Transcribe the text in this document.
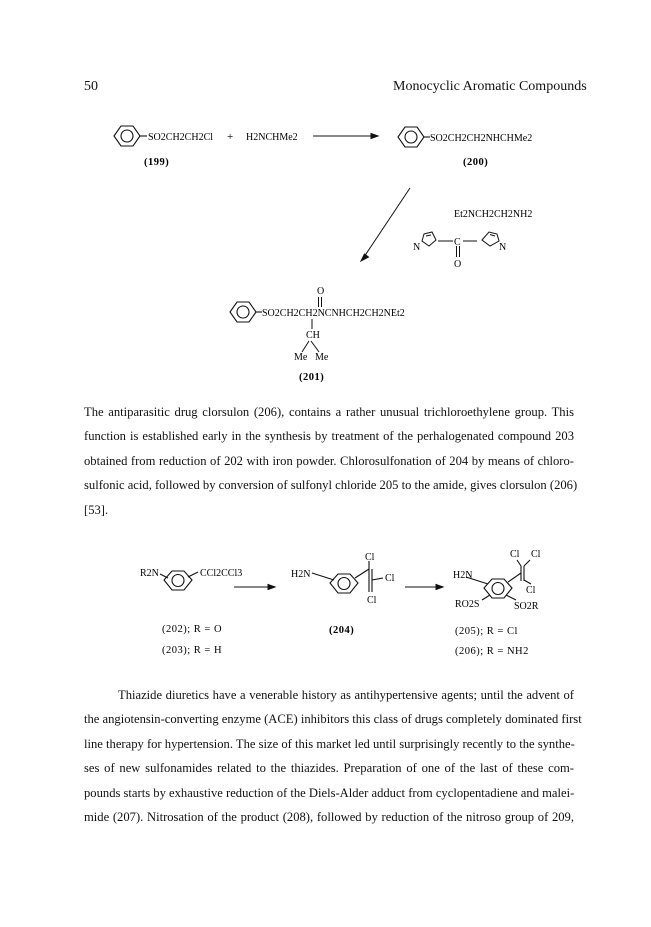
50	Monocyclic Aromatic Compounds
SO2CH2CH2Cl + H2NCHMe2
(199)
SO2CH2CH2NHCHMe2
(200)
Et2NCH2CH2NH2
N	C	N
O
O
SO2CH2CH2NCNHCH2CH2NEt2
CH
Me Me
(201)

The antiparasitic drug clorsulon (206), contains a rather unusual trichloroethylene group. This
function is established early in the synthesis by treatment of the perhalogenated compound 203
obtained from reduction of 202 with iron powder. Chlorosulfonation of 204 by means of chloro-
sulfonic acid, followed by conversion of sulfonyl chloride 205 to the amide, gives clorsulon (206)
[53].

R2N	CCl2CCl3
(202); R = O
(203); R = H
H2N
Cl
Cl
Cl
(204)
Cl Cl
H2N
Cl
RO2S	SO2R
(205); R = Cl
(206); R = NH2

Thiazide diuretics have a venerable history as antihypertensive agents; until the advent of
the angiotensin-converting enzyme (ACE) inhibitors this class of drugs completely dominated first
line therapy for hypertension. The size of this market led until surprisingly recently to the synthe-
ses of new sulfonamides related to the thiazides. Preparation of one of the last of these com-
pounds starts by exhaustive reduction of the Diels-Alder adduct from cyclopentadiene and malei-
mide (207). Nitrosation of the product (208), followed by reduction of the nitroso group of 209,
